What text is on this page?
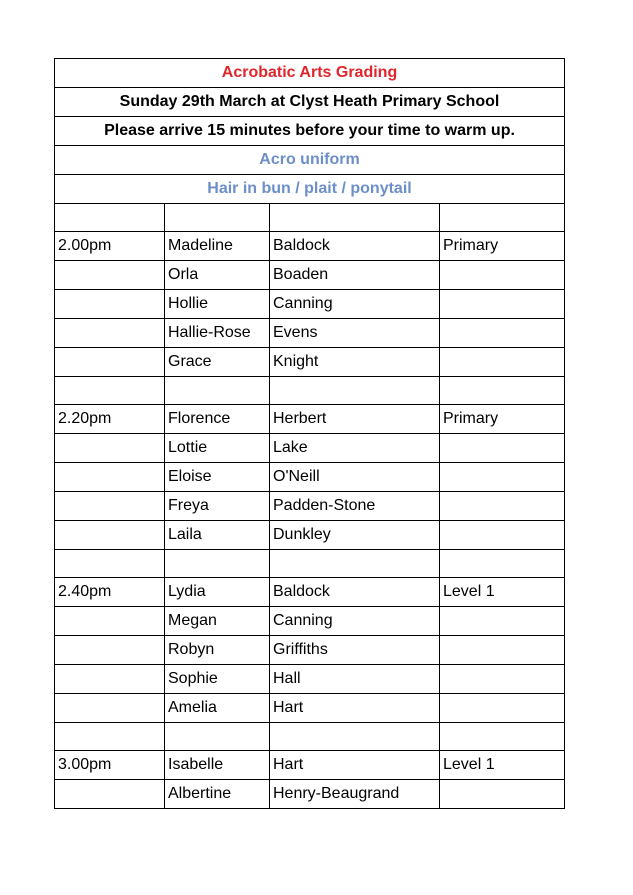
Acrobatic Arts Grading			
Sunday 29th March at Clyst Heath Primary School			
Please arrive 15 minutes before your time to warm up.			
Acro uniform			
Hair in bun / plait / ponytail			

2.00pm	Madeline	Baldock	Primary
	Orla	Boaden	
	Hollie	Canning	
	Hallie-Rose	Evens	
	Grace	Knight	

2.20pm	Florence	Herbert	Primary
	Lottie	Lake	
	Eloise	O'Neill	
	Freya	Padden-Stone	
	Laila	Dunkley	

2.40pm	Lydia	Baldock	Level 1
	Megan	Canning	
	Robyn	Griffiths	
	Sophie	Hall	
	Amelia	Hart	

3.00pm	Isabelle	Hart	Level 1
	Albertine	Henry-Beaugrand	
